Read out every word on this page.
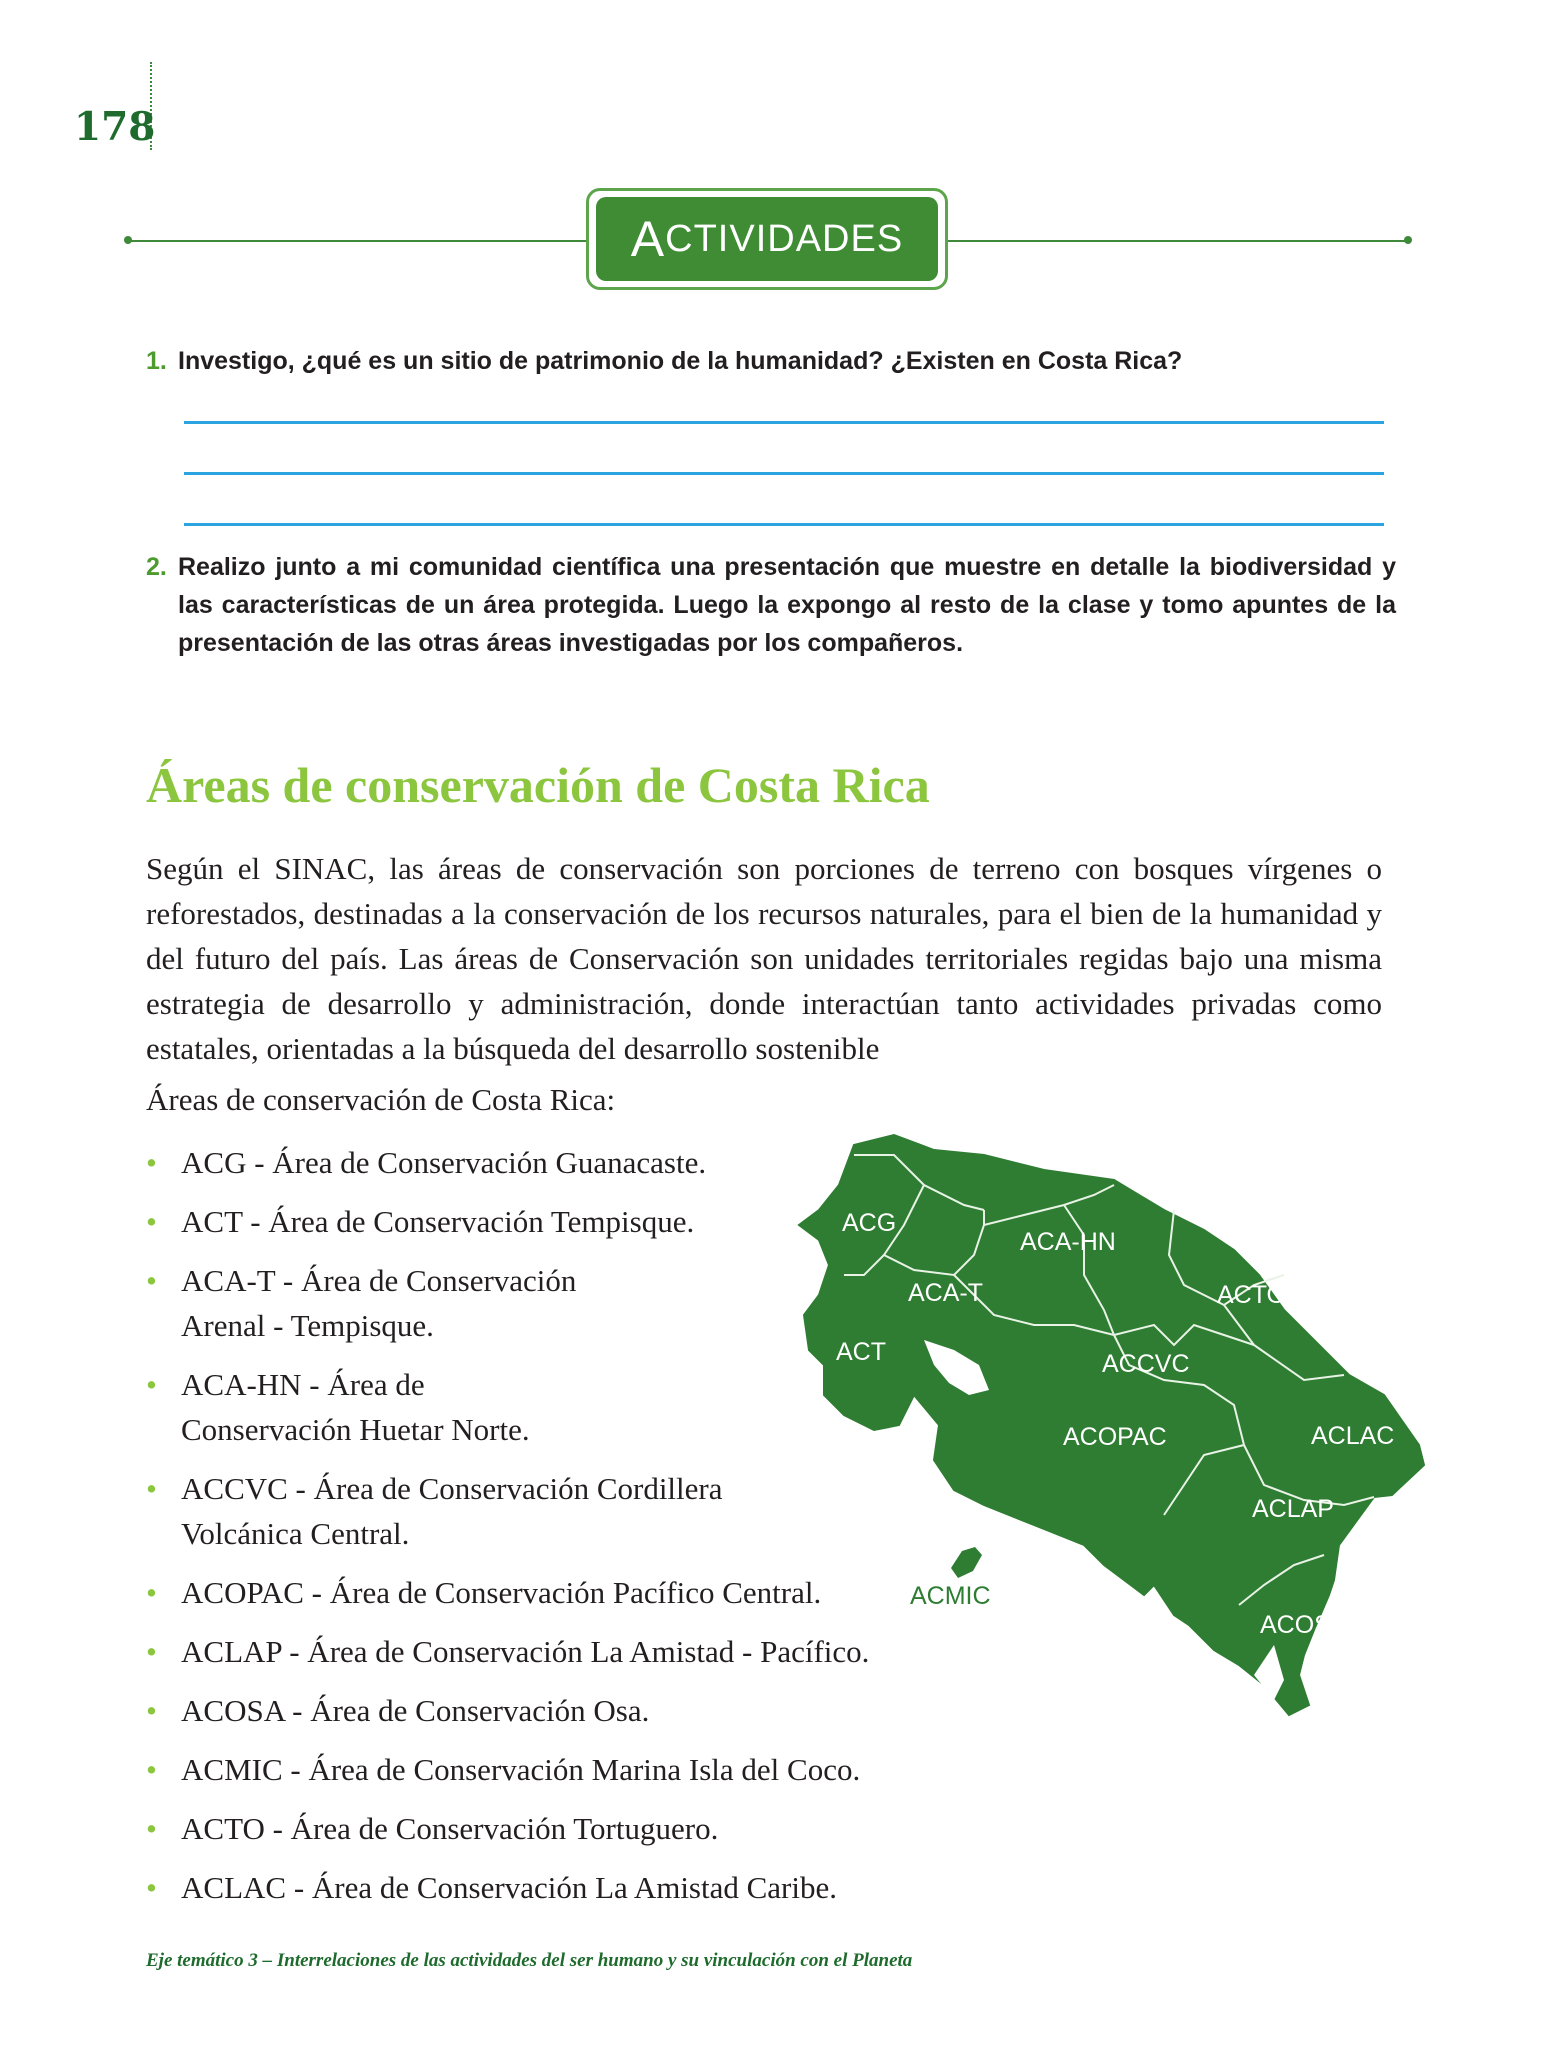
178
A CTIVIDADES
1. Investigo, ¿qué es un sitio de patrimonio de la humanidad? ¿Existen en Costa Rica?
2. Realizo junto a mi comunidad científica una presentación que muestre en detalle la biodiversidad y las características de un área protegida. Luego la expongo al resto de la clase y tomo apuntes de la presentación de las otras áreas investigadas por los compañeros.
Áreas de conservación de Costa Rica
Según el SINAC, las áreas de conservación son porciones de terreno con bosques vírgenes o reforestados, destinadas a la conservación de los recursos naturales, para el bien de la humanidad y del futuro del país. Las áreas de Conservación son unidades territoriales regidas bajo una misma estrategia de desarrollo y administración, donde interactúan tanto actividades privadas como estatales, orientadas a la búsqueda del desarrollo sostenible
Áreas de conservación de Costa Rica:
• ACG - Área de Conservación Guanacaste.
• ACT - Área de Conservación Tempisque.
• ACA-T - Área de Conservación Arenal - Tempisque.
• ACA-HN - Área de Conservación Huetar Norte.
• ACCVC - Área de Conservación Cordillera Volcánica Central.
• ACOPAC - Área de Conservación Pacífico Central.
• ACLAP - Área de Conservación La Amistad - Pacífico.
• ACOSA - Área de Conservación Osa.
• ACMIC - Área de Conservación Marina Isla del Coco.
• ACTO - Área de Conservación Tortuguero.
• ACLAC - Área de Conservación La Amistad Caribe.
ACG
ACA-HN
ACA-T	ACTO
ACT	ACCVC
ACOPAC	ACLAC
ACLAP
ACMIC
ACOSA
Eje temático 3 – Interrelaciones de las actividades del ser humano y su vinculación con el Planeta
